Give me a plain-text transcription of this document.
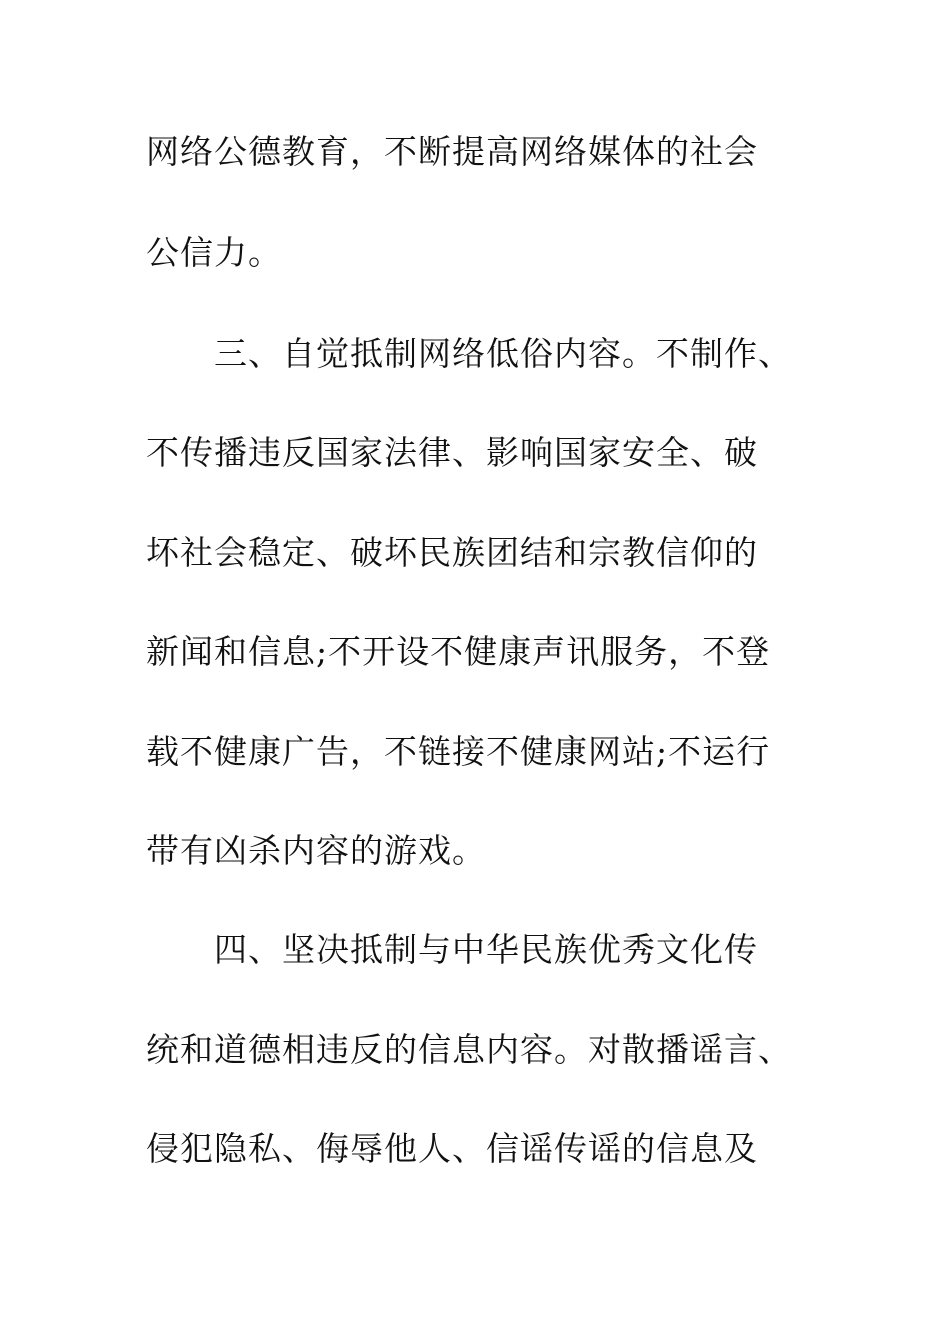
网络公德教育，不断提高网络媒体的社会
公信力。
三、自觉抵制网络低俗内容。不制作、
不传播违反国家法律、影响国家安全、破
坏社会稳定、破坏民族团结和宗教信仰的
新闻和信息;不开设不健康声讯服务，不登
载不健康广告，不链接不健康网站;不运行
带有凶杀内容的游戏。
四、坚决抵制与中华民族优秀文化传
统和道德相违反的信息内容。对散播谣言、
侵犯隐私、侮辱他人、信谣传谣的信息及
